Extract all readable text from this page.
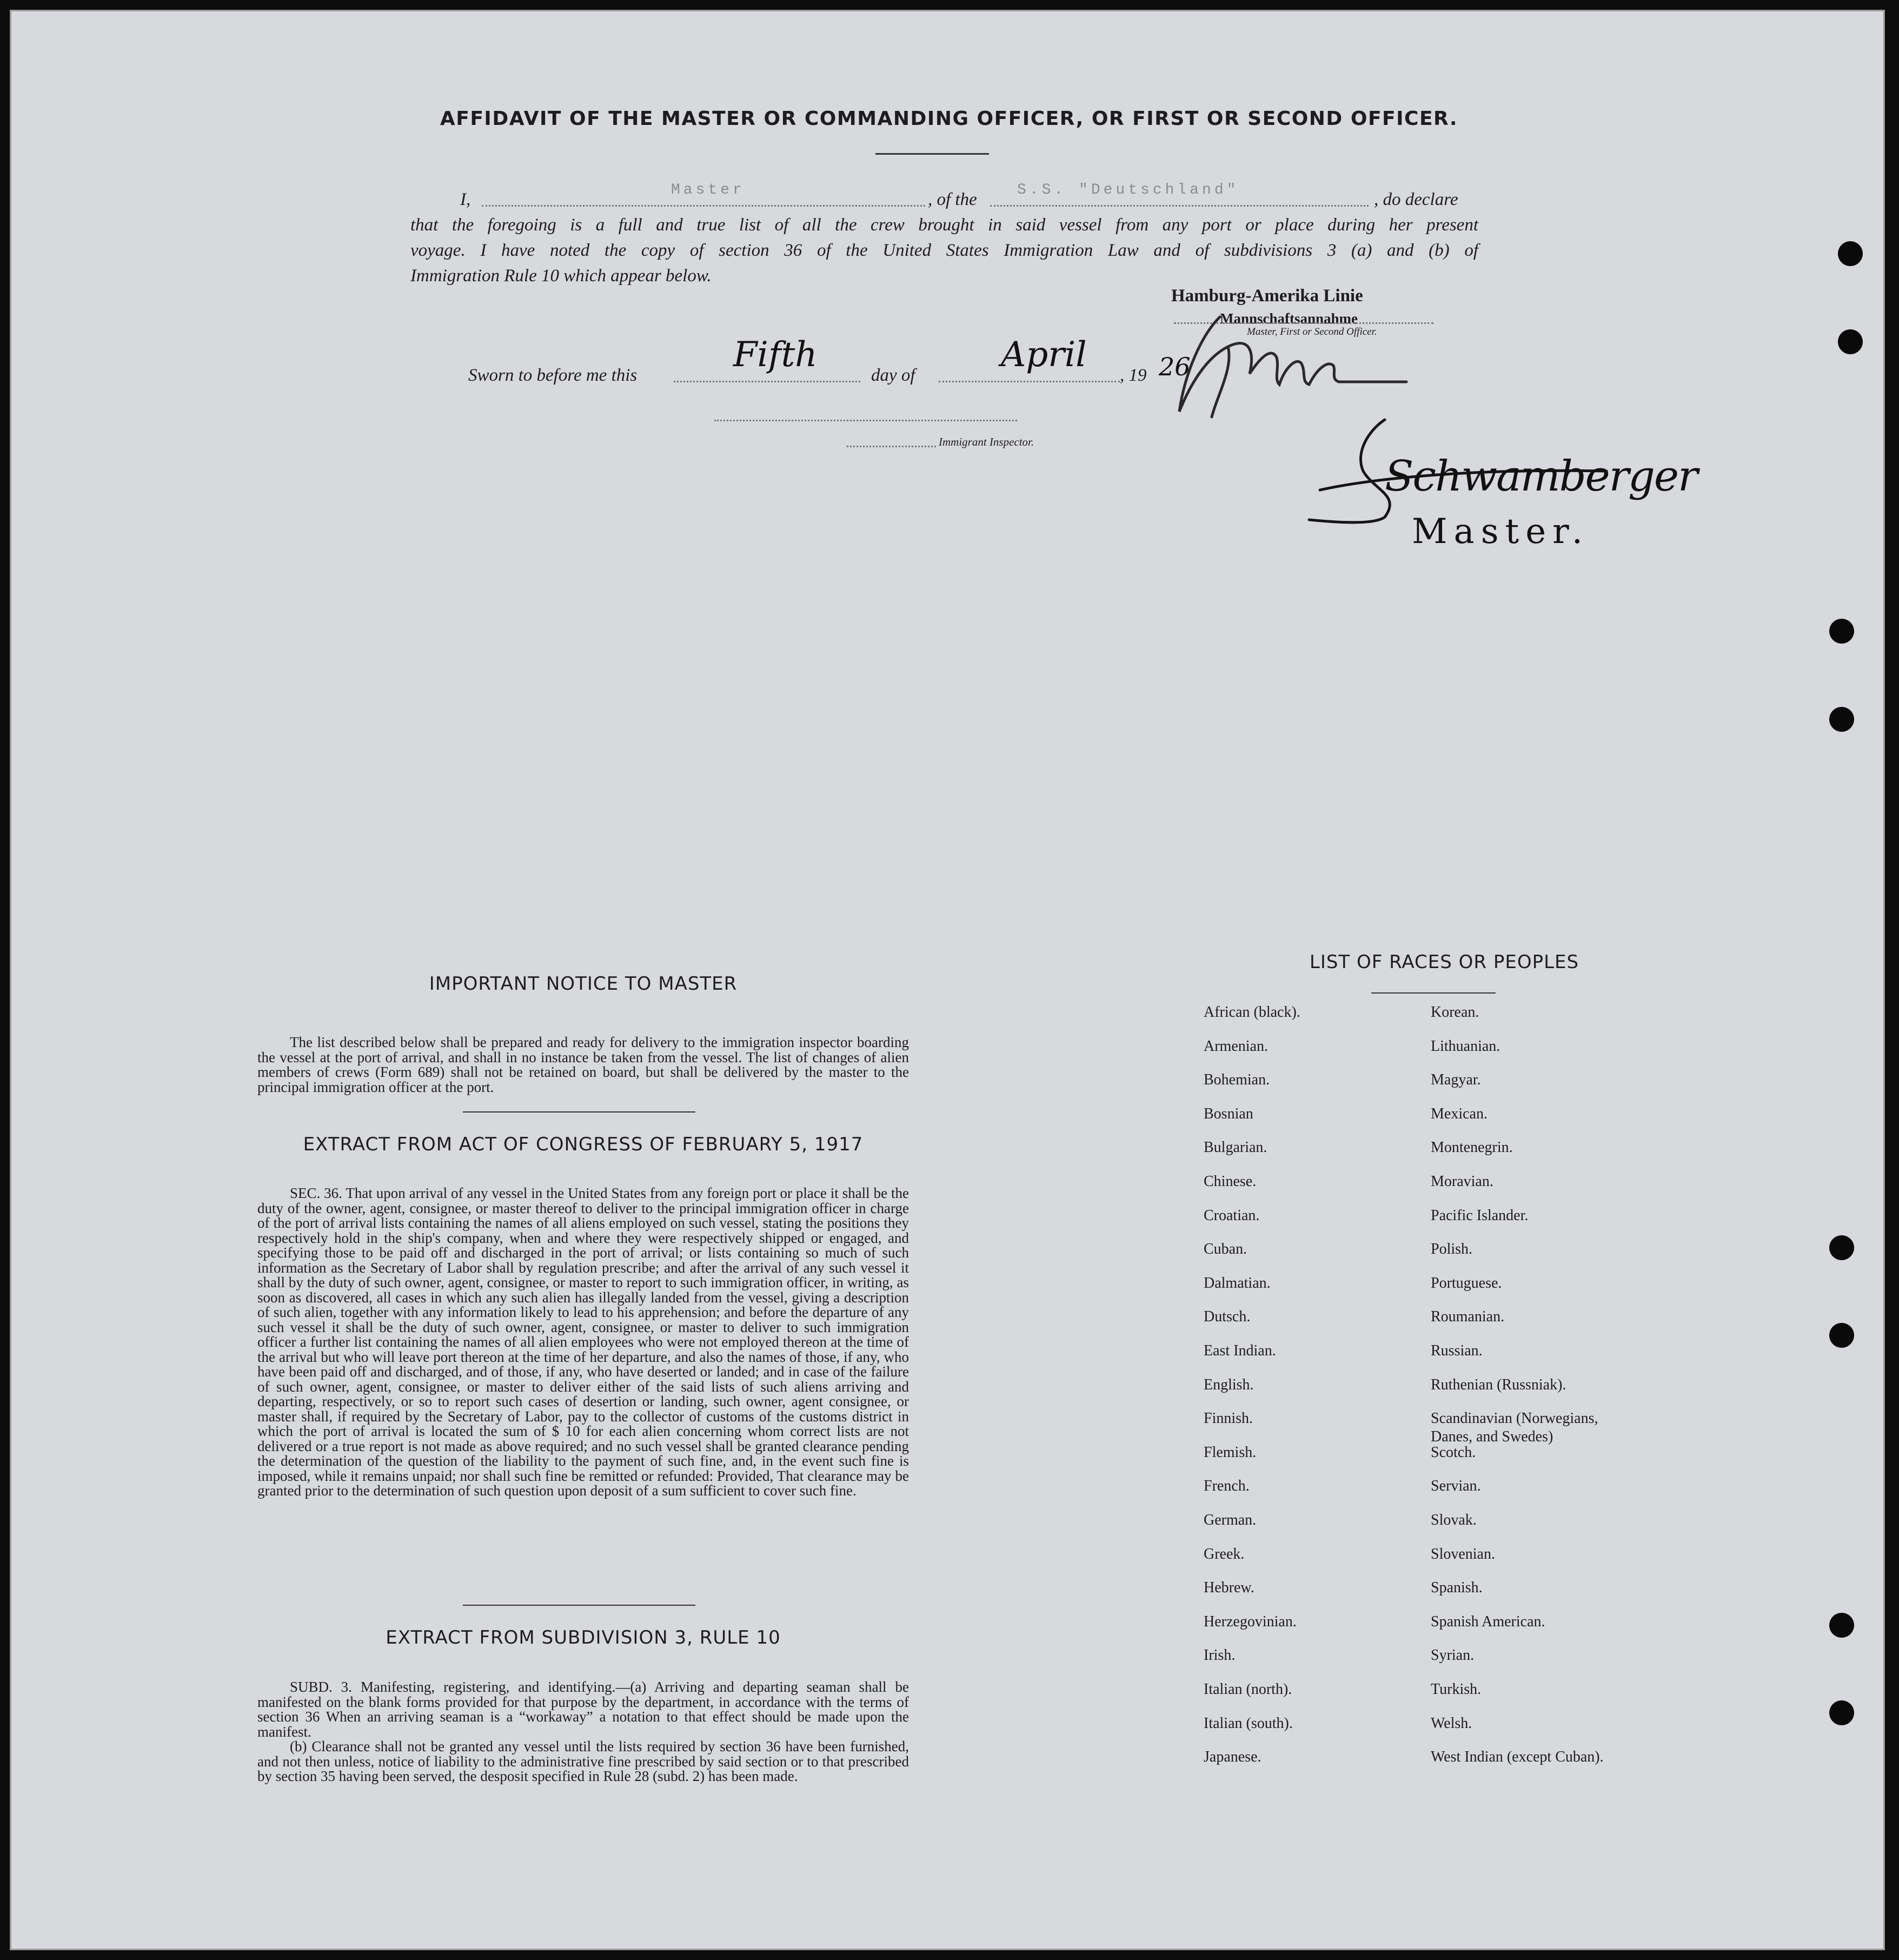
AFFIDAVIT OF THE MASTER OR COMMANDING OFFICER, OR FIRST OR SECOND OFFICER.
I,	Master	, of the	S.S. "Deutschland"	, do declare
that the foregoing is a full and true list of all the crew brought in said vessel from any port or place during her present
voyage. I have noted the copy of section 36 of the United States Immigration Law and of subdivisions 3 (a) and (b) of
Immigration Rule 10 which appear below.
Hamburg-Amerika Linie
Mannschaftsannahme
Master, First or Second Officer.
Sworn to before me this
Fifth
day of
April
, 19 26
Immigrant Inspector.
Schwamberger
Master.
IMPORTANT NOTICE TO MASTER

The list described below shall be prepared and ready for delivery to the immigration inspector boarding the vessel at the port of arrival, and shall in no instance be taken from the vessel. The list of changes of alien members of crews (Form 689) shall not be retained on board, but shall be delivered by the master to the principal immigration officer at the port.

EXTRACT FROM ACT OF CONGRESS OF FEBRUARY 5, 1917

SEC. 36. That upon arrival of any vessel in the United States from any foreign port or place it shall be the duty of the owner, agent, consignee, or master thereof to deliver to the principal immigration officer in charge of the port of arrival lists containing the names of all aliens employed on such vessel, stating the positions they respectively hold in the ship's company, when and where they were respectively shipped or engaged, and specifying those to be paid off and discharged in the port of arrival; or lists containing so much of such information as the Secretary of Labor shall by regulation prescribe; and after the arrival of any such vessel it shall by the duty of such owner, agent, consignee, or master to report to such immigration officer, in writing, as soon as discovered, all cases in which any such alien has illegally landed from the vessel, giving a description of such alien, together with any information likely to lead to his apprehension; and before the departure of any such vessel it shall be the duty of such owner, agent, consignee, or master to deliver to such immigration officer a further list containing the names of all alien employees who were not employed thereon at the time of the arrival but who will leave port thereon at the time of her departure, and also the names of those, if any, who have been paid off and discharged, and of those, if any, who have deserted or landed; and in case of the failure of such owner, agent, consignee, or master to deliver either of the said lists of such aliens arriving and departing, respectively, or so to report such cases of desertion or landing, such owner, agent consignee, or master shall, if required by the Secretary of Labor, pay to the collector of customs of the customs district in which the port of arrival is located the sum of $ 10 for each alien concerning whom correct lists are not delivered or a true report is not made as above required; and no such vessel shall be granted clearance pending the determination of the question of the liability to the payment of such fine, and, in the event such fine is imposed, while it remains unpaid; nor shall such fine be remitted or refunded: Provided, That clearance may be granted prior to the determination of such question upon deposit of a sum sufficient to cover such fine.

EXTRACT FROM SUBDIVISION 3, RULE 10

SUBD. 3. Manifesting, registering, and identifying.—(a) Arriving and departing seaman shall be manifested on the blank forms provided for that purpose by the department, in accordance with the terms of section 36 When an arriving seaman is a “workaway” a notation to that effect should be made upon the manifest.

(b) Clearance shall not be granted any vessel until the lists required by section 36 have been furnished, and not then unless, notice of liability to the administrative fine prescribed by said section or to that prescribed by section 35 having been served, the desposit specified in Rule 28 (subd. 2) has been made.

LIST OF RACES OR PEOPLES
African (black).
Armenian.
Bohemian.
Bosnian
Bulgarian.
Chinese.
Croatian.
Cuban.
Dalmatian.
Dutsch.
East Indian.
English.
Finnish.
Flemish.
French.
German.
Greek.
Hebrew.
Herzegovinian.
Irish.
Italian (north).
Italian (south).
Japanese.
Korean.
Lithuanian.
Magyar.
Mexican.
Montenegrin.
Moravian.
Pacific Islander.
Polish.
Portuguese.
Roumanian.
Russian.
Ruthenian (Russniak).
Scandinavian (Norwegians,
Scotch.
Servian.
Slovak.
Slovenian.
Spanish.
Spanish American.
Syrian.
Turkish.
Welsh.
West Indian (except Cuban).
Danes, and Swedes)
